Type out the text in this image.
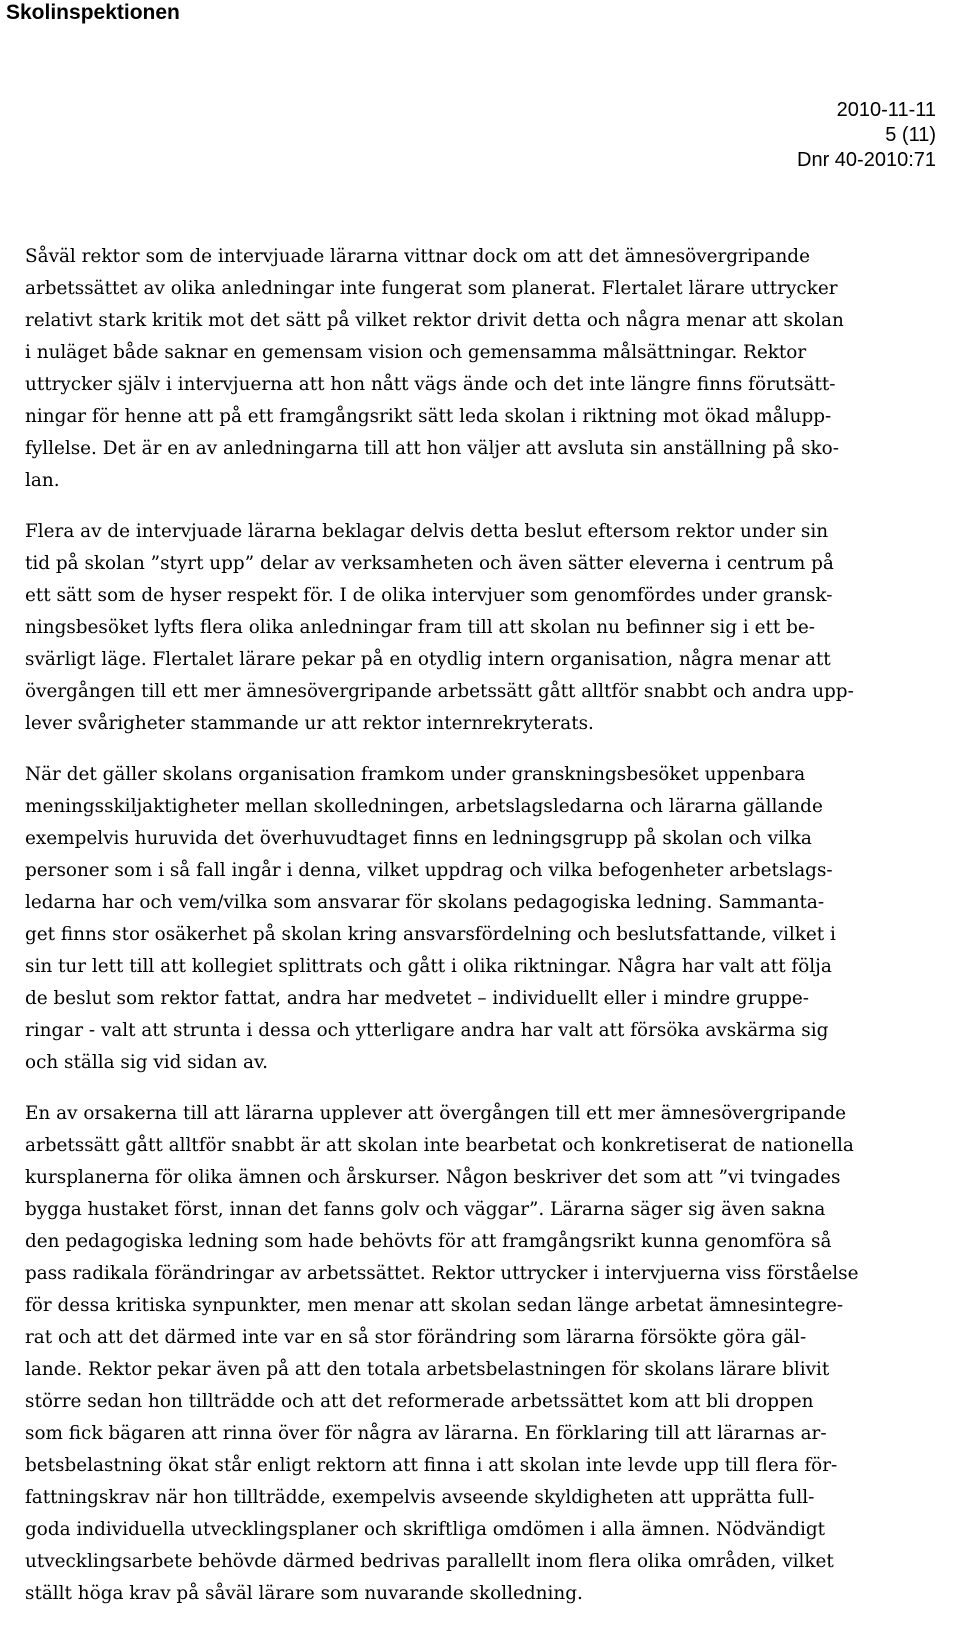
Skolinspektionen
2010-11-11
5 (11)
Dnr 40-2010:71

Såväl rektor som de intervjuade lärarna vittnar dock om att det ämnesövergripande
arbetssättet av olika anledningar inte fungerat som planerat. Flertalet lärare uttrycker
relativt stark kritik mot det sätt på vilket rektor drivit detta och några menar att skolan
i nuläget både saknar en gemensam vision och gemensamma målsättningar. Rektor
uttrycker själv i intervjuerna att hon nått vägs ände och det inte längre finns förutsätt-
ningar för henne att på ett framgångsrikt sätt leda skolan i riktning mot ökad målupp-
fyllelse. Det är en av anledningarna till att hon väljer att avsluta sin anställning på sko-
lan.

Flera av de intervjuade lärarna beklagar delvis detta beslut eftersom rektor under sin
tid på skolan ”styrt upp” delar av verksamheten och även sätter eleverna i centrum på
ett sätt som de hyser respekt för. I de olika intervjuer som genomfördes under gransk-
ningsbesöket lyfts flera olika anledningar fram till att skolan nu befinner sig i ett be-
svärligt läge. Flertalet lärare pekar på en otydlig intern organisation, några menar att
övergången till ett mer ämnesövergripande arbetssätt gått alltför snabbt och andra upp-
lever svårigheter stammande ur att rektor internrekryterats.

När det gäller skolans organisation framkom under granskningsbesöket uppenbara
meningsskiljaktigheter mellan skolledningen, arbetslagsledarna och lärarna gällande
exempelvis huruvida det överhuvudtaget finns en ledningsgrupp på skolan och vilka
personer som i så fall ingår i denna, vilket uppdrag och vilka befogenheter arbetslags-
ledarna har och vem/vilka som ansvarar för skolans pedagogiska ledning. Sammanta-
get finns stor osäkerhet på skolan kring ansvarsfördelning och beslutsfattande, vilket i
sin tur lett till att kollegiet splittrats och gått i olika riktningar. Några har valt att följa
de beslut som rektor fattat, andra har medvetet – individuellt eller i mindre gruppe-
ringar - valt att strunta i dessa och ytterligare andra har valt att försöka avskärma sig
och ställa sig vid sidan av.

En av orsakerna till att lärarna upplever att övergången till ett mer ämnesövergripande
arbetssätt gått alltför snabbt är att skolan inte bearbetat och konkretiserat de nationella
kursplanerna för olika ämnen och årskurser. Någon beskriver det som att ”vi tvingades
bygga hustaket först, innan det fanns golv och väggar”. Lärarna säger sig även sakna
den pedagogiska ledning som hade behövts för att framgångsrikt kunna genomföra så
pass radikala förändringar av arbetssättet. Rektor uttrycker i intervjuerna viss förståelse
för dessa kritiska synpunkter, men menar att skolan sedan länge arbetat ämnesintegre-
rat och att det därmed inte var en så stor förändring som lärarna försökte göra gäl-
lande. Rektor pekar även på att den totala arbetsbelastningen för skolans lärare blivit
större sedan hon tillträdde och att det reformerade arbetssättet kom att bli droppen
som fick bägaren att rinna över för några av lärarna. En förklaring till att lärarnas ar-
betsbelastning ökat står enligt rektorn att finna i att skolan inte levde upp till flera för-
fattningskrav när hon tillträdde, exempelvis avseende skyldigheten att upprätta full-
goda individuella utvecklingsplaner och skriftliga omdömen i alla ämnen. Nödvändigt
utvecklingsarbete behövde därmed bedrivas parallellt inom flera olika områden, vilket
ställt höga krav på såväl lärare som nuvarande skolledning.
